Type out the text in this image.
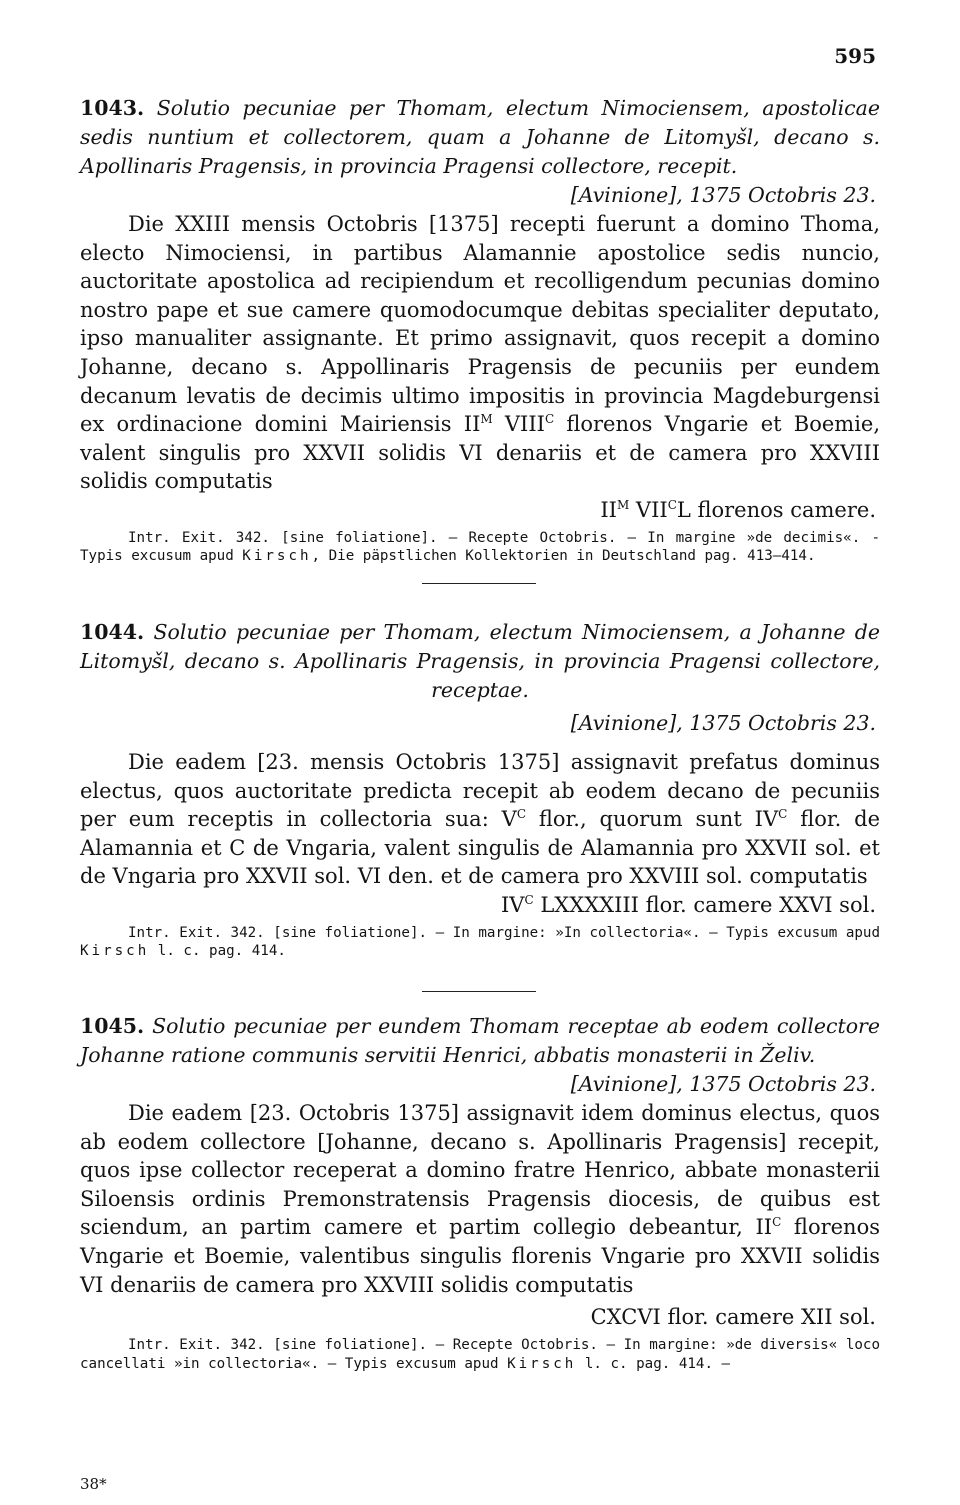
595

1043. Solutio pecuniae per Thomam, electum Nimociensem, apostolicae sedis nuntium et collectorem, quam a Johanne de Litomyšl, decano s. Apollinaris Pragensis, in provincia Pragensi collectore, recepit.

[Avinione], 1375 Octobris 23.

Die XXIII mensis Octobris [1375] recepti fuerunt a domino Thoma, electo Nimociensi, in partibus Alamannie apostolice sedis nuncio, auctoritate apostolica ad recipiendum et recolligendum pecunias domino nostro pape et sue camere quomodocumque debitas specialiter deputato, ipso manualiter assignante. Et primo assignavit, quos recepit a domino Johanne, decano s. Appollinaris Pragensis de pecuniis per eundem decanum levatis de decimis ultimo impositis in provincia Magdeburgensi ex ordinacione domini Mairiensis $II^M$ $VIII^C$ florenos Vngarie et Boemie, valent singulis pro XXVII solidis VI denariis et de camera pro XXVIII solidis computatis

$II^M$ $VII^CL$ florenos camere.

Intr. Exit. 342. [sine foliatione]. — Recepte Octobris. — In margine »de decimis«. - Typis excusum apud Kirsch, Die päpstlichen Kollektorien in Deutschland pag. 413—414.

1044. Solutio pecuniae per Thomam, electum Nimociensem, a Johanne de Litomyšl, decano s. Apollinaris Pragensis, in provincia Pragensi collectore, receptae.

[Avinione], 1375 Octobris 23.

Die eadem [23. mensis Octobris 1375] assignavit prefatus dominus electus, quos auctoritate predicta recepit ab eodem decano de pecuniis per eum receptis in collectoria sua: $V^C$ flor., quorum sunt $IV^C$ flor. de Alamannia et C de Vngaria, valent singulis de Alamannia pro XXVII sol. et de Vngaria pro XXVII sol. VI den. et de camera pro XXVIII sol. computatis

$IV^C$ LXXXXIII flor. camere XXVI sol.

Intr. Exit. 342. [sine foliatione]. — In margine: »In collectoria«. — Typis excusum apud Kirsch l. c. pag. 414.

1045. Solutio pecuniae per eundem Thomam receptae ab eodem collectore Johanne ratione communis servitii Henrici, abbatis monasterii in Želiv.

[Avinione], 1375 Octobris 23.

Die eadem [23. Octobris 1375] assignavit idem dominus electus, quos ab eodem collectore [Johanne, decano s. Apollinaris Pragensis] recepit, quos ipse collector receperat a domino fratre Henrico, abbate monasterii Siloensis ordinis Premonstratensis Pragensis diocesis, de quibus est sciendum, an partim camere et partim collegio debeantur, $II^C$ florenos Vngarie et Boemie, valentibus singulis florenis Vngarie pro XXVII solidis VI denariis de camera pro XXVIII solidis computatis

CXCVI flor. camere XII sol.

Intr. Exit. 342. [sine foliatione]. — Recepte Octobris. — In margine: »de diversis« loco cancellati »in collectoria«. — Typis excusum apud Kirsch l. c. pag. 414. —

38*
